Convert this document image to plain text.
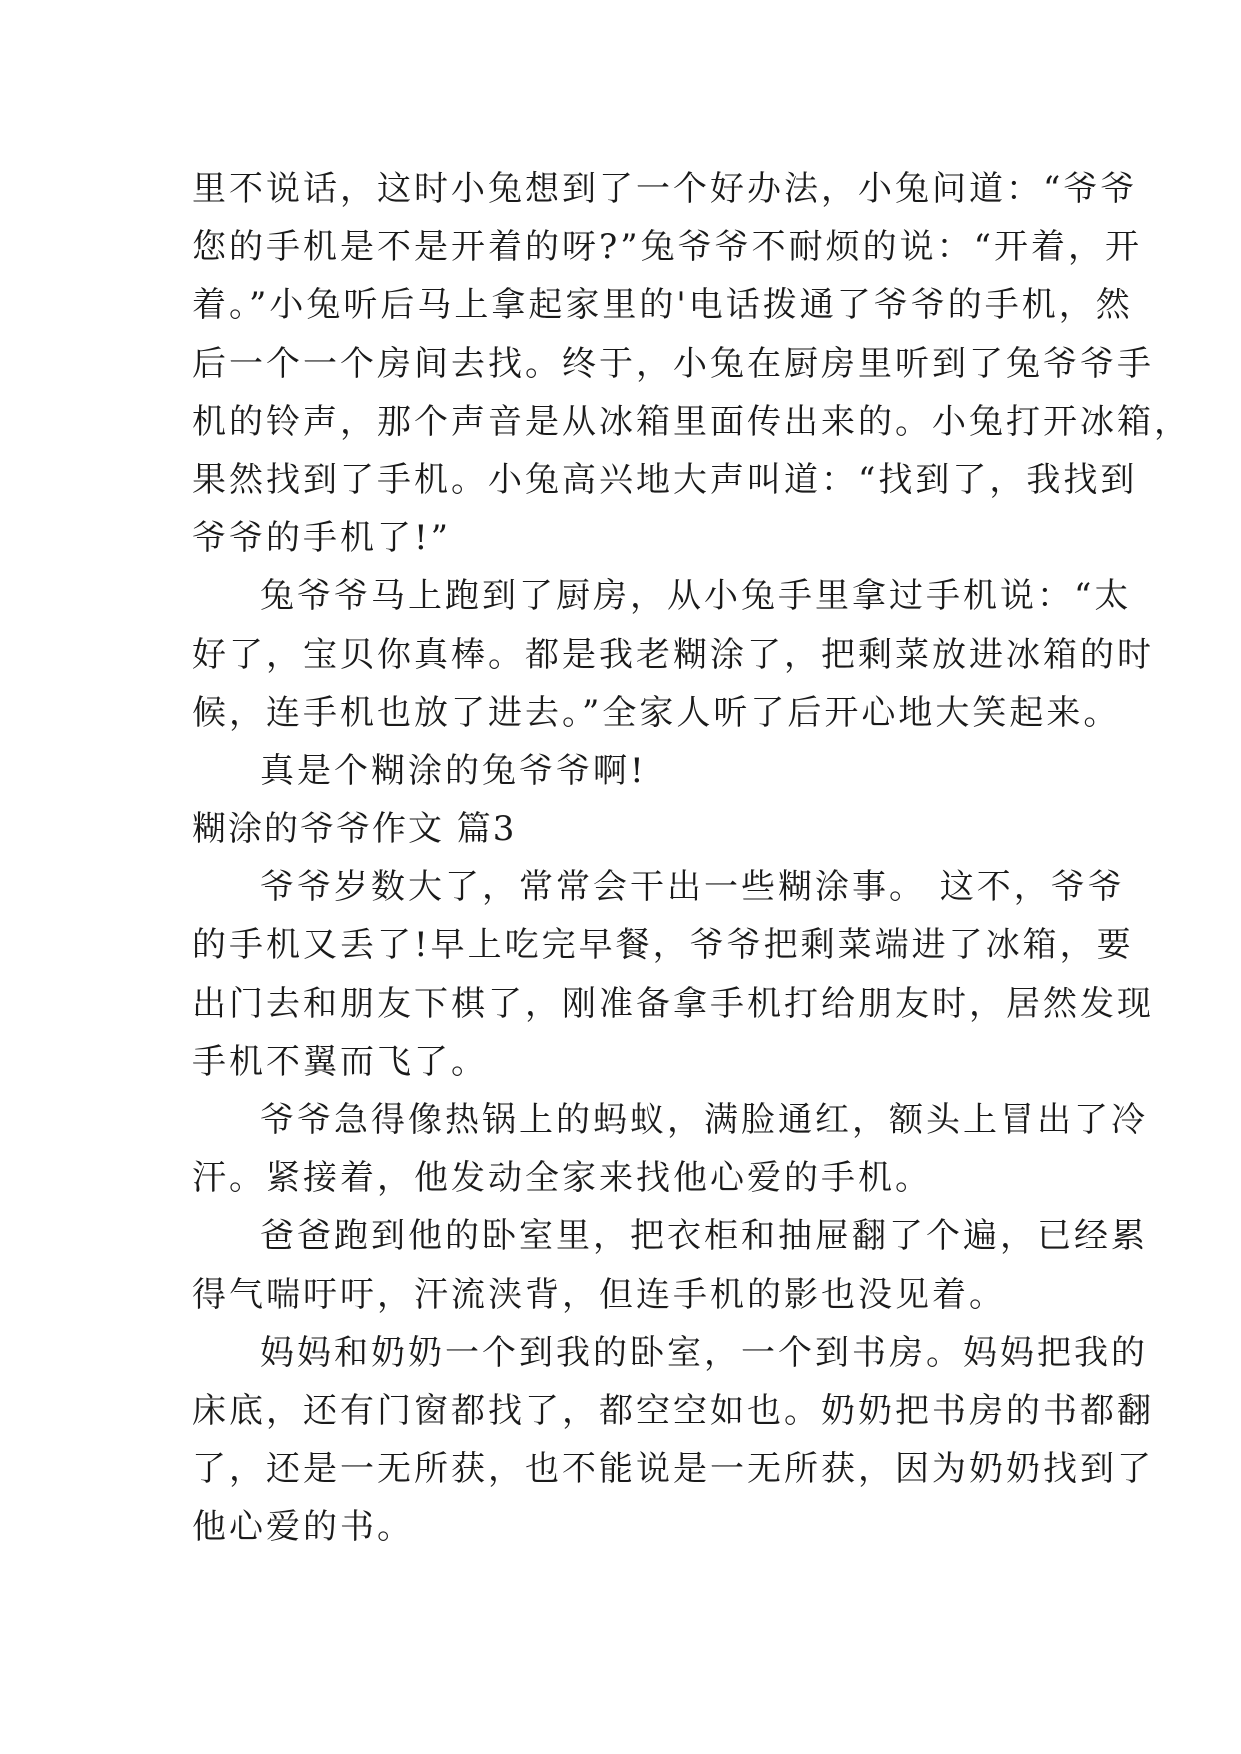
里不说话，这时小兔想到了一个好办法，小兔问道：“爷爷
您的手机是不是开着的呀?”兔爷爷不耐烦的说：“开着，开
着。”小兔听后马上拿起家里的'电话拨通了爷爷的手机，然
后一个一个房间去找。终于，小兔在厨房里听到了兔爷爷手
机的铃声，那个声音是从冰箱里面传出来的。小兔打开冰箱，
果然找到了手机。小兔高兴地大声叫道：“找到了，我找到
爷爷的手机了!”
兔爷爷马上跑到了厨房，从小兔手里拿过手机说：“太
好了，宝贝你真棒。都是我老糊涂了，把剩菜放进冰箱的时
候，连手机也放了进去。”全家人听了后开心地大笑起来。
真是个糊涂的兔爷爷啊!
糊涂的爷爷作文 篇3
爷爷岁数大了，常常会干出一些糊涂事。 这不，爷爷
的手机又丢了!早上吃完早餐，爷爷把剩菜端进了冰箱，要
出门去和朋友下棋了，刚准备拿手机打给朋友时，居然发现
手机不翼而飞了。
爷爷急得像热锅上的蚂蚁，满脸通红，额头上冒出了冷
汗。紧接着，他发动全家来找他心爱的手机。
爸爸跑到他的卧室里，把衣柜和抽屉翻了个遍，已经累
得气喘吁吁，汗流浃背，但连手机的影也没见着。
妈妈和奶奶一个到我的卧室，一个到书房。妈妈把我的
床底，还有门窗都找了，都空空如也。奶奶把书房的书都翻
了，还是一无所获，也不能说是一无所获，因为奶奶找到了
他心爱的书。
